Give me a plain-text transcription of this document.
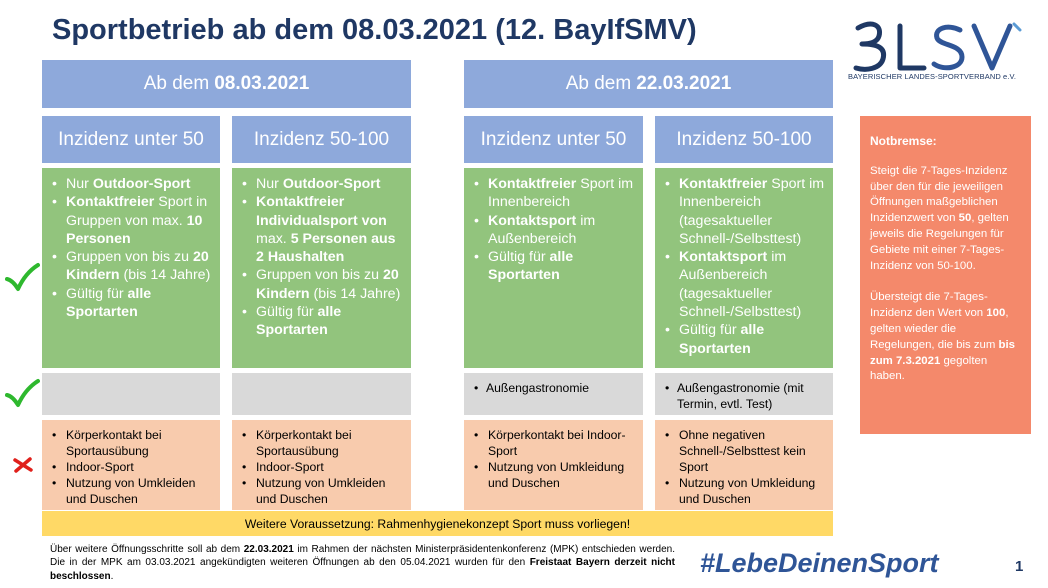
Sportbetrieb ab dem 08.03.2021 (12. BayIfSMV)
BAYERISCHER LANDES-SPORTVERBAND e.V.
Ab dem 08.03.2021	Ab dem 22.03.2021
Inzidenz unter 50	Inzidenz 50-100	Inzidenz unter 50	Inzidenz 50-100
• Nur Outdoor-Sport
• Kontaktfreier Sport in Gruppen von max. 10 Personen
• Gruppen von bis zu 20 Kindern (bis 14 Jahre)
• Gültig für alle Sportarten
• Nur Outdoor-Sport
• Kontaktfreier Individualsport von max. 5 Personen aus 2 Haushalten
• Gruppen von bis zu 20 Kindern (bis 14 Jahre)
• Gültig für alle Sportarten
• Kontaktfreier Sport im Innenbereich
• Kontaktsport im Außenbereich
• Gültig für alle Sportarten
• Kontaktfreier Sport im Innenbereich (tagesaktueller Schnell-/Selbsttest)
• Kontaktsport im Außenbereich (tagesaktueller Schnell-/Selbsttest)
• Gültig für alle Sportarten
• Außengastronomie
•	Außengastronomie (mit Termin, evtl. Test)
• Körperkontakt bei Sportausübung
• Indoor-Sport
• Nutzung von Umkleiden und Duschen
• Körperkontakt bei Sportausübung
• Indoor-Sport
• Nutzung von Umkleiden und Duschen
• Körperkontakt bei Indoor-Sport
• Nutzung von Umkleidung und Duschen
• Ohne negativen Schnell-/Selbsttest kein Sport
• Nutzung von Umkleidung und Duschen
Weitere Voraussetzung: Rahmenhygienekonzept Sport muss vorliegen!
Notbremse:

Steigt die 7-Tages-Inzidenz über den für die jeweiligen Öffnungen maßgeblichen Inzidenzwert von 50, gelten jeweils die Regelungen für Gebiete mit einer 7-Tages-Inzidenz von 50-100.

Übersteigt die 7-Tages-Inzidenz den Wert von 100, gelten wieder die Regelungen, die bis zum bis zum 7.3.2021 gegolten haben.

Über weitere Öffnungsschritte soll ab dem 22.03.2021 im Rahmen der nächsten Ministerpräsidentenkonferenz (MPK) entschieden werden. Die in der MPK am 03.03.2021 angekündigten weiteren Öffnungen ab den 05.04.2021 wurden für den Freistaat Bayern derzeit nicht beschlossen.	#LebeDeinenSport	1
